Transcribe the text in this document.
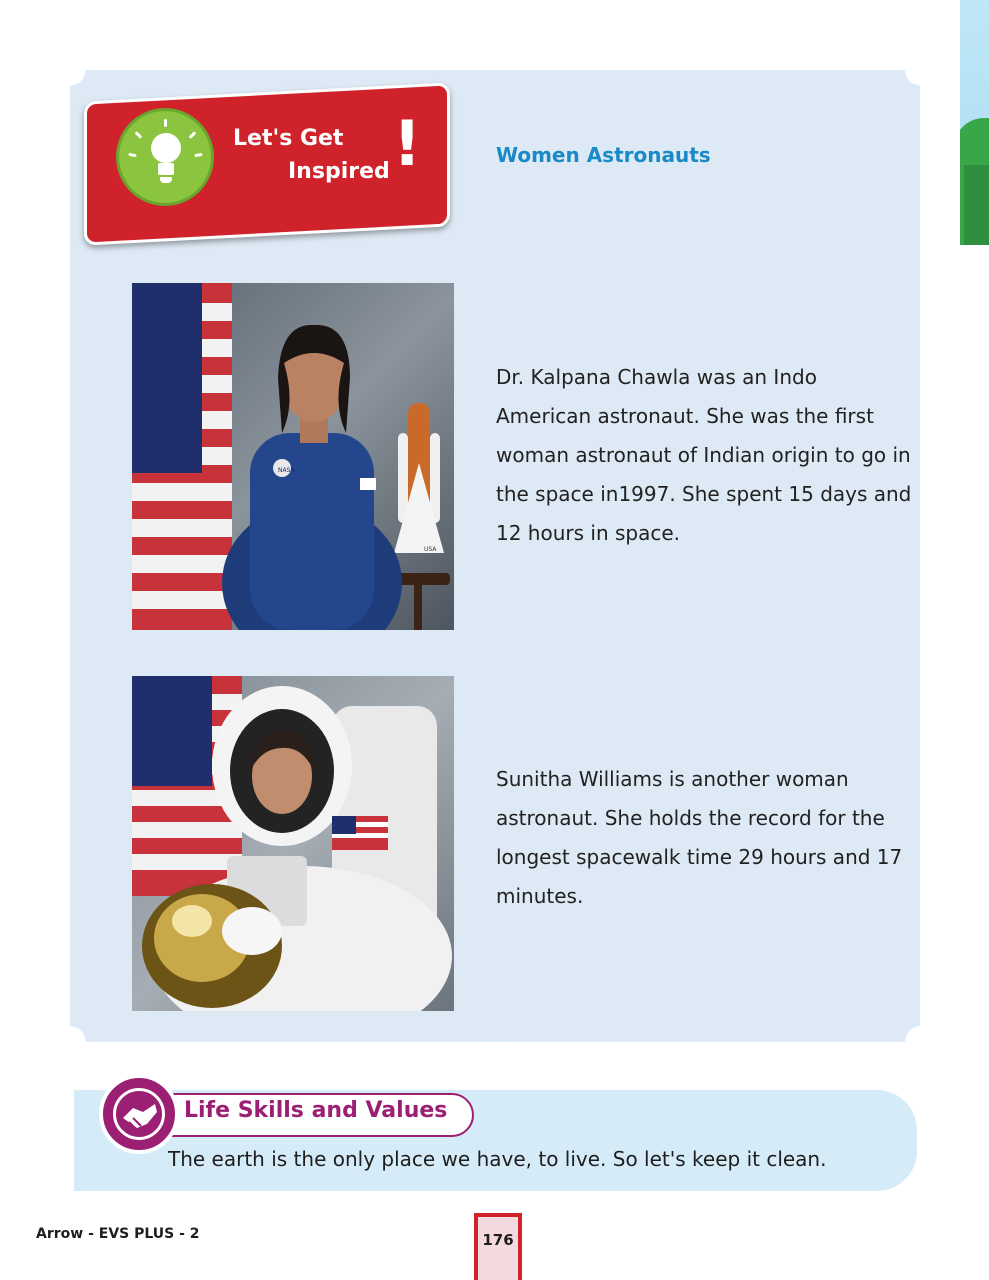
Let's Get
Inspired !	Women Astronauts
NASA
USA
Dr. Kalpana Chawla was an Indo American astronaut. She was the first woman astronaut of Indian origin to go in the space in1997. She spent 15 days and 12 hours in space.
Sunitha Williams is another woman astronaut. She holds the record for the longest spacewalk time 29 hours and 17 minutes.
Life Skills and Values
The earth is the only place we have, to live. So let's keep it clean.
Arrow - EVS PLUS - 2	176
